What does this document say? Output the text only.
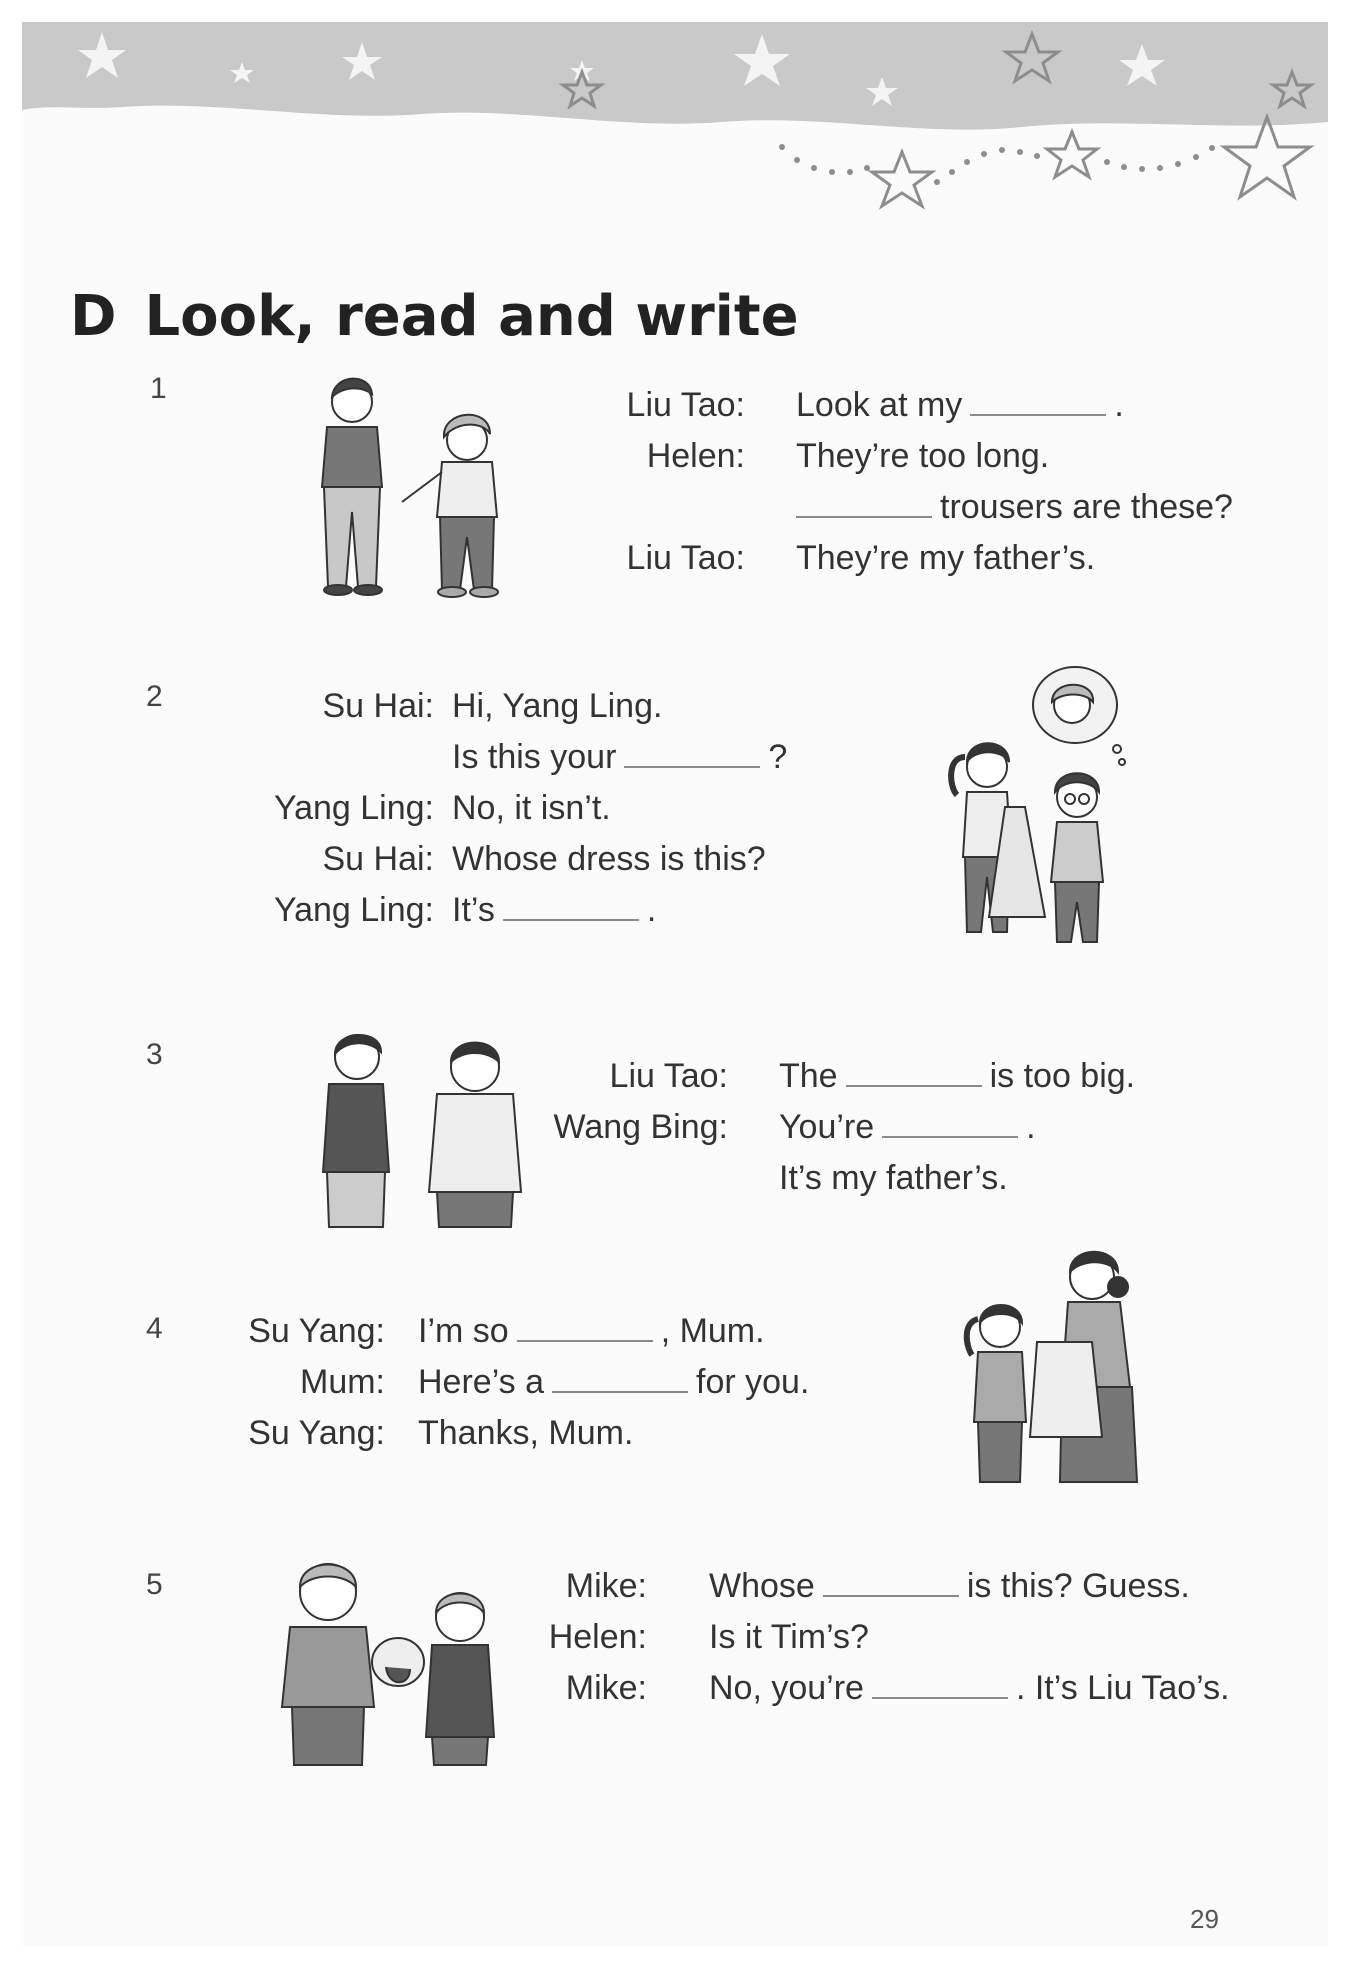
D Look, read and write
1	Liu Tao: Look at my	.
Helen: They’re too long.
trousers are these?
Liu Tao: They’re my father’s.
2	Su Hai: Hi, Yang Ling.
Is this your	?
Yang Ling: No, it isn’t.
Su Hai: Whose dress is this?
Yang Ling: It’s	.
3
Liu Tao: The	is too big.
Wang Bing: You’re	.
It’s my father’s.
4	Su Yang: I’m so	, Mum.
Mum: Here’s a	for you.
Su Yang: Thanks, Mum.
5	Mike: Whose	is this? Guess.
Helen: Is it Tim’s?
Mike: No, you’re	. It’s Liu Tao’s.
29
